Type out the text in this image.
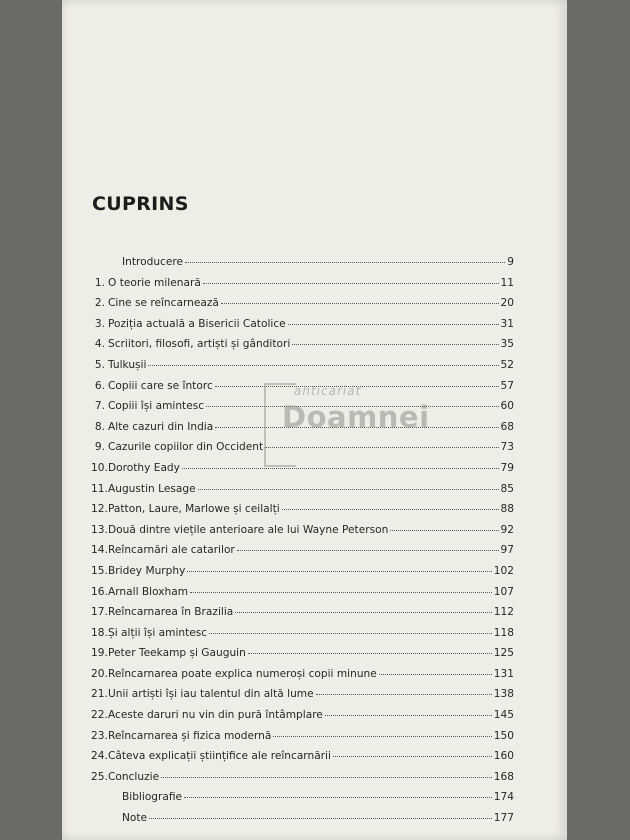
CUPRINS
Introducere	9
1. O teorie milenară	11
2. Cine se reîncarnează	20
3. Poziția actuală a Bisericii Catolice	31
4. Scriitori, filosofi, artiști și gânditori	35
5. Tulkușii	52
6. Copiii care se întorc	57
7. Copiii își amintesc	60
8. Alte cazuri din India	68
9. Cazurile copiilor din Occident	73
10. Dorothy Eady	79
11. Augustin Lesage	85
12. Patton, Laure, Marlowe și ceilalți	88
13. Două dintre viețile anterioare ale lui Wayne Peterson	92
14. Reîncarnări ale catarilor	97
15. Bridey Murphy	102
16. Arnall Bloxham	107
17. Reîncarnarea în Brazilia	112
18. Și alții își amintesc	118
19. Peter Teekamp și Gauguin	125
20. Reîncarnarea poate explica numeroși copii minune	131
21. Unii artiști își iau talentul din altă lume	138
22. Aceste daruri nu vin din pură întâmplare	145
23. Reîncarnarea și fizica modernă	150
24. Câteva explicații științifice ale reîncarnării	160
25. Concluzie	168
Bibliografie	174
Note	177
anticariat
Doamnei
